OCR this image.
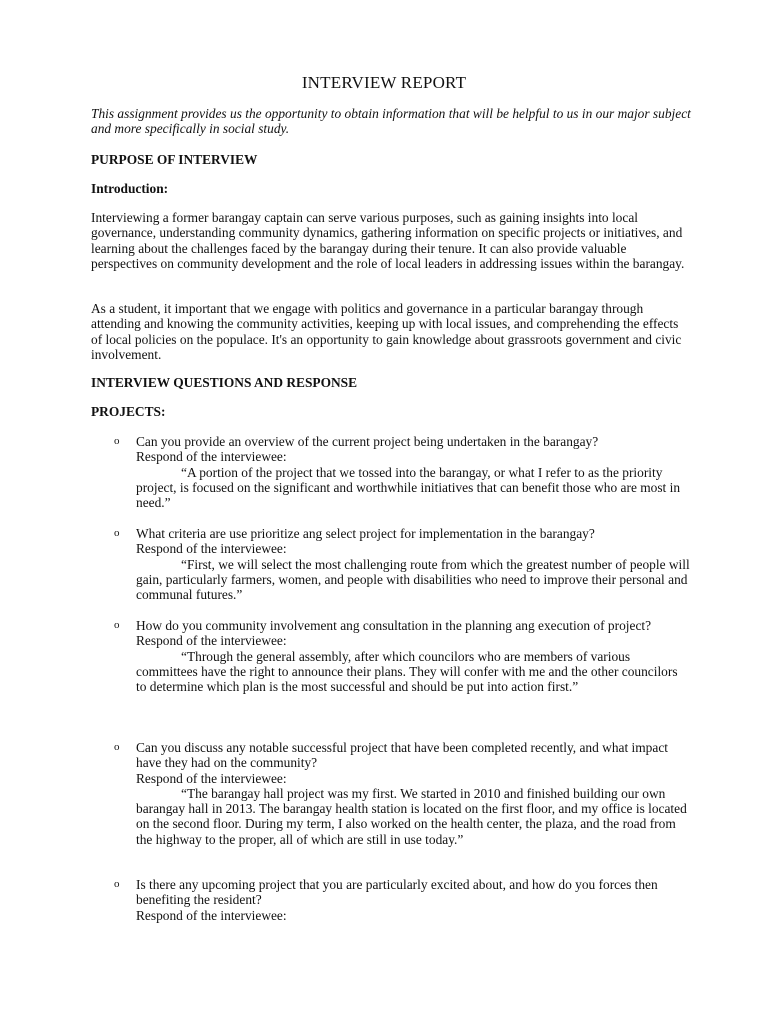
INTERVIEW REPORT
This assignment provides us the opportunity to obtain information that will be helpful to us in our major subject and more specifically in social study.
PURPOSE OF INTERVIEW
Introduction:
Interviewing a former barangay captain can serve various purposes, such as gaining insights into local governance, understanding community dynamics, gathering information on specific projects or initiatives, and learning about the challenges faced by the barangay during their tenure. It can also provide valuable perspectives on community development and the role of local leaders in addressing issues within the barangay.
As a student, it important that we engage with politics and governance in a particular barangay through attending and knowing the community activities, keeping up with local issues, and comprehending the effects of local policies on the populace. It's an opportunity to gain knowledge about grassroots government and civic involvement.
INTERVIEW QUESTIONS AND RESPONSE
PROJECTS:
o Can you provide an overview of the current project being undertaken in the barangay?
Respond of the interviewee:
“A portion of the project that we tossed into the barangay, or what I refer to as the priority project, is focused on the significant and worthwhile initiatives that can benefit those who are most in need.”
o What criteria are use prioritize ang select project for implementation in the barangay?
Respond of the interviewee:
“First, we will select the most challenging route from which the greatest number of people will gain, particularly farmers, women, and people with disabilities who need to improve their personal and communal futures.”
o How do you community involvement ang consultation in the planning ang execution of project?
Respond of the interviewee:
“Through the general assembly, after which councilors who are members of various committees have the right to announce their plans. They will confer with me and the other councilors to determine which plan is the most successful and should be put into action first.”
o Can you discuss any notable successful project that have been completed recently, and what impact have they had on the community?
Respond of the interviewee:
“The barangay hall project was my first. We started in 2010 and finished building our own barangay hall in 2013. The barangay health station is located on the first floor, and my office is located on the second floor. During my term, I also worked on the health center, the plaza, and the road from the highway to the proper, all of which are still in use today.”
o Is there any upcoming project that you are particularly excited about, and how do you forces then benefiting the resident?
Respond of the interviewee:
